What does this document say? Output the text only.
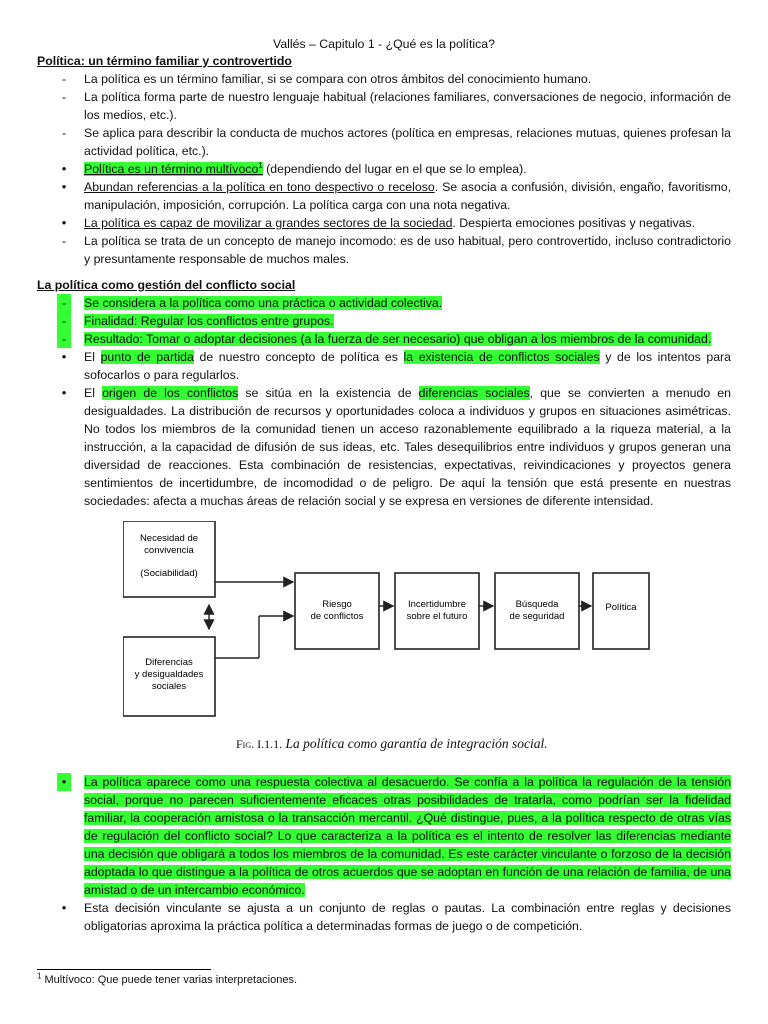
Vallés – Capitulo 1 - ¿Qué es la política?
Política: un término familiar y controvertido
-	La política es un término familiar, si se compara con otros ámbitos del conocimiento humano.
-	La política forma parte de nuestro lenguaje habitual (relaciones familiares, conversaciones de negocio, información de los medios, etc.).
-	Se aplica para describir la conducta de muchos actores (política en empresas, relaciones mutuas, quienes profesan la actividad política, etc.).
•	Política es un término multívoco$^1$ (dependiendo del lugar en el que se lo emplea).
•	Abundan referencias a la política en tono despectivo o receloso. Se asocia a confusión, división, engaño, favoritismo, manipulación, imposición, corrupción. La política carga con una nota negativa.
•	La política es capaz de movilizar a grandes sectores de la sociedad. Despierta emociones positivas y negativas.
-	La política se trata de un concepto de manejo incomodo: es de uso habitual, pero controvertido, incluso contradictorio y presuntamente responsable de muchos males.
La política como gestión del conflicto social
-	Se considera a la política como una práctica o actividad colectiva.
-	Finalidad: Regular los conflictos entre grupos.
-	Resultado: Tomar o adoptar decisiones (a la fuerza de ser necesario) que obligan a los miembros de la comunidad.
•	El punto de partida de nuestro concepto de política es la existencia de conflictos sociales y de los intentos para sofocarlos o para regularlos.
•	El origen de los conflictos se sitúa en la existencia de diferencias sociales, que se convierten a menudo en desigualdades. La distribución de recursos y oportunidades coloca a individuos y grupos en situaciones asimétricas. No todos los miembros de la comunidad tienen un acceso razonablemente equilibrado a la riqueza material, a la instrucción, a la capacidad de difusión de sus ideas, etc. Tales desequilibrios entre individuos y grupos generan una diversidad de reacciones. Esta combinación de resistencias, expectativas, reivindicaciones y proyectos genera sentimientos de incertidumbre, de incomodidad o de peligro. De aquí la tensión que está presente en nuestras sociedades: afecta a muchas áreas de relación social y se expresa en versiones de diferente intensidad.
Necesidad de
convivencia
(Sociabilidad)
Diferencias
y desigualdades
sociales
Riesgo
de conflictos
Incertidumbre
sobre el futuro
Búsqueda
de seguridad
Política
Fig. I.1.1. La política como garantía de integración social.
•	La política aparece como una respuesta colectiva al desacuerdo. Se confía a la política la regulación de la tensión social, porque no parecen suficientemente eficaces otras posibilidades de tratarla, como podrían ser la fidelidad familiar, la cooperación amistosa o la transacción mercantil. ¿Qué distingue, pues, a la política respecto de otras vías de regulación del conflicto social? Lo que caracteriza a la política es el intento de resolver las diferencias mediante una decisión que obligará a todos los miembros de la comunidad. Es este carácter vinculante o forzoso de la decisión adoptada lo que distingue a la política de otros acuerdos que se adoptan en función de una relación de familia, de una amistad o de un intercambio económico.
•	Esta decisión vinculante se ajusta a un conjunto de reglas o pautas. La combinación entre reglas y decisiones obligatorias aproxima la práctica política a determinadas formas de juego o de competición.
$^1$ Multívoco: Que puede tener varias interpretaciones.
